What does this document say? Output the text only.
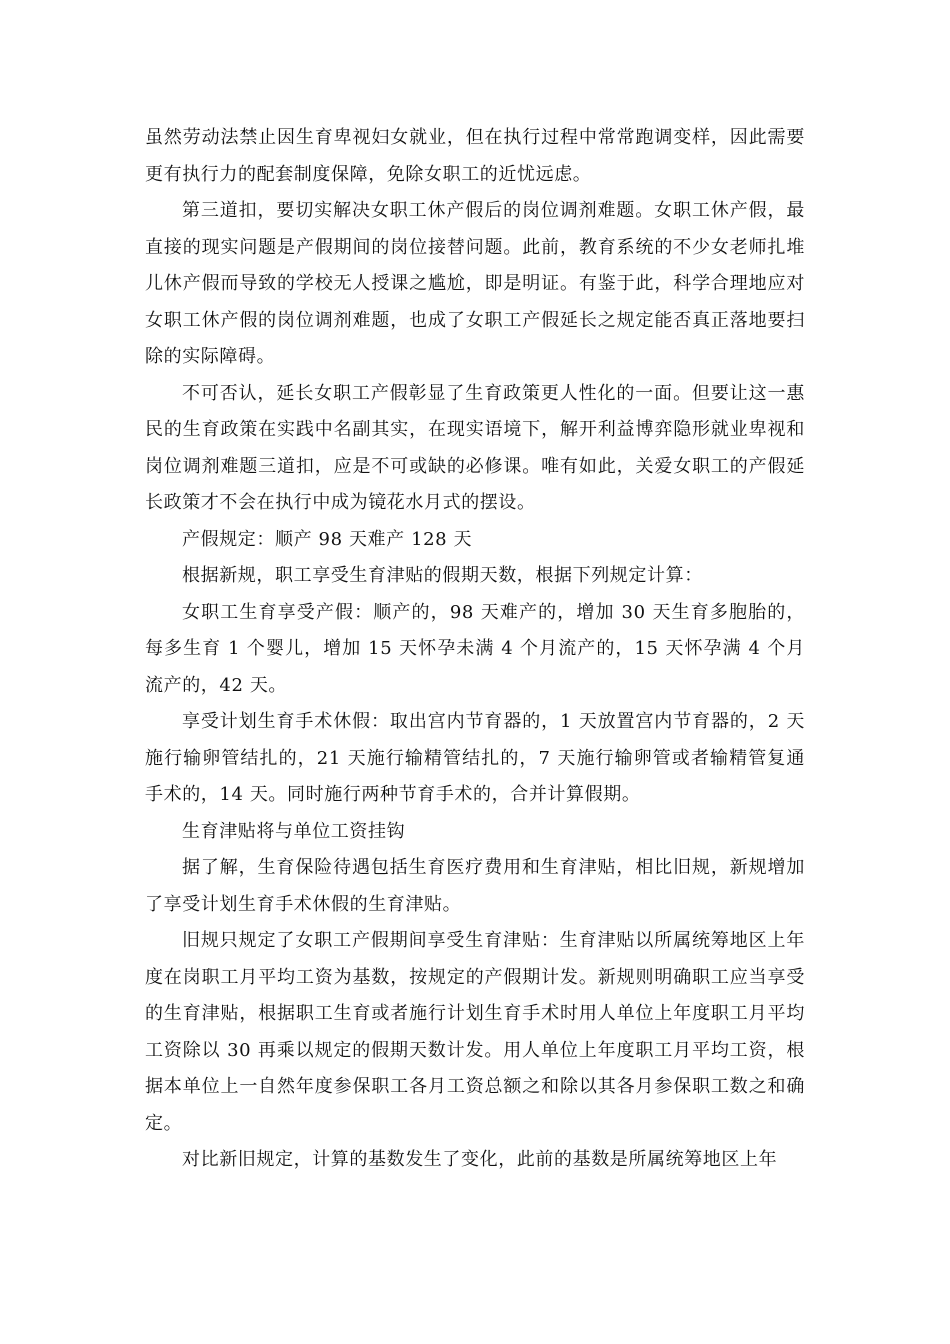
虽然劳动法禁止因生育卑视妇女就业，但在执行过程中常常跑调变样，因此需要更有执行力的配套制度保障，免除女职工的近忧远虑。

第三道扣，要切实解决女职工休产假后的岗位调剂难题。女职工休产假，最直接的现实问题是产假期间的岗位接替问题。此前，教育系统的不少女老师扎堆儿休产假而导致的学校无人授课之尴尬，即是明证。有鉴于此，科学合理地应对女职工休产假的岗位调剂难题，也成了女职工产假延长之规定能否真正落地要扫除的实际障碍。

不可否认，延长女职工产假彰显了生育政策更人性化的一面。但要让这一惠民的生育政策在实践中名副其实，在现实语境下，解开利益博弈隐形就业卑视和岗位调剂难题三道扣，应是不可或缺的必修课。唯有如此，关爱女职工的产假延长政策才不会在执行中成为镜花水月式的摆设。

产假规定：顺产 98 天难产 128 天

根据新规，职工享受生育津贴的假期天数，根据下列规定计算：

女职工生育享受产假：顺产的，98 天难产的，增加 30 天生育多胞胎的，每多生育 1 个婴儿，增加 15 天怀孕未满 4 个月流产的，15 天怀孕满 4 个月流产的，42 天。

享受计划生育手术休假：取出宫内节育器的，1 天放置宫内节育器的，2 天施行输卵管结扎的，21 天施行输精管结扎的，7 天施行输卵管或者输精管复通手术的，14 天。同时施行两种节育手术的，合并计算假期。

生育津贴将与单位工资挂钩

据了解，生育保险待遇包括生育医疗费用和生育津贴，相比旧规，新规增加了享受计划生育手术休假的生育津贴。

旧规只规定了女职工产假期间享受生育津贴：生育津贴以所属统筹地区上年度在岗职工月平均工资为基数，按规定的产假期计发。新规则明确职工应当享受的生育津贴，根据职工生育或者施行计划生育手术时用人单位上年度职工月平均工资除以 30 再乘以规定的假期天数计发。用人单位上年度职工月平均工资，根据本单位上一自然年度参保职工各月工资总额之和除以其各月参保职工数之和确定。

对比新旧规定，计算的基数发生了变化，此前的基数是所属统筹地区上年
